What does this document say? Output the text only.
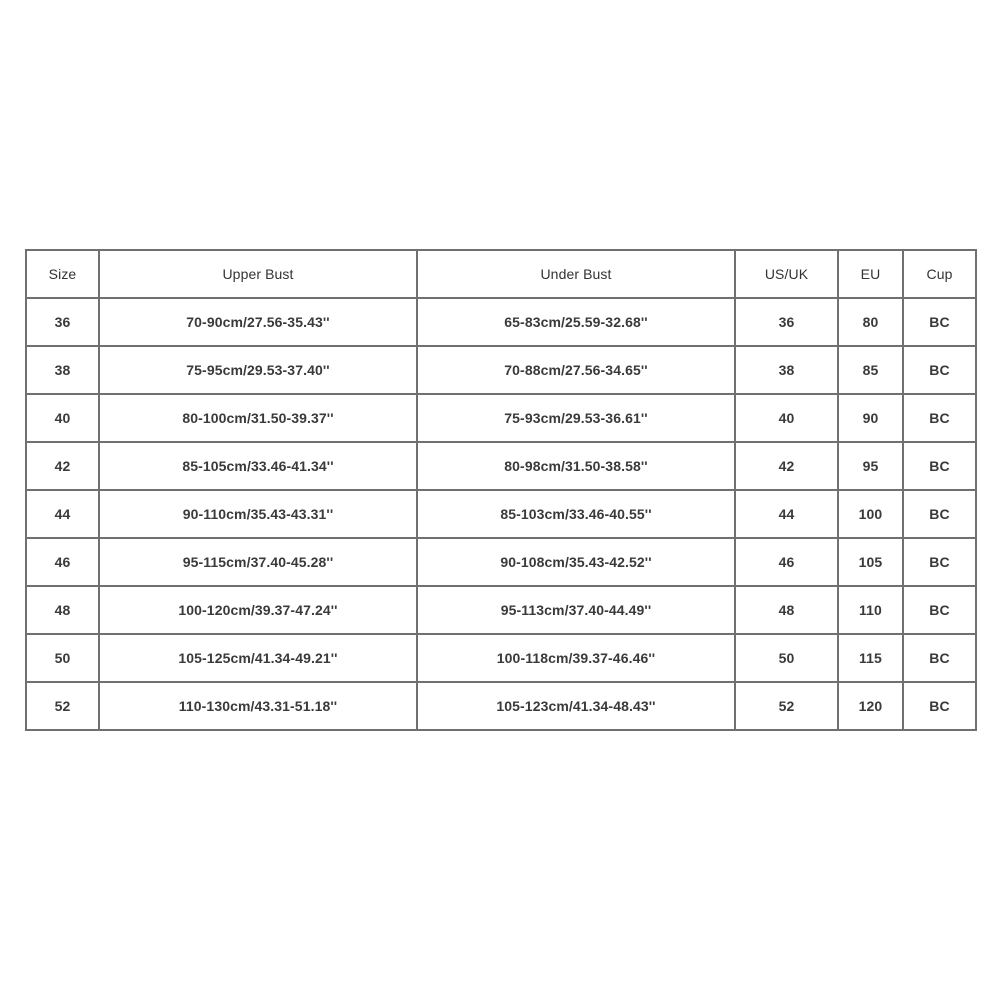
Size	Upper Bust	Under Bust	US/UK	EU	Cup
36	70-90cm/27.56-35.43''	65-83cm/25.59-32.68''	36	80	BC
38	75-95cm/29.53-37.40''	70-88cm/27.56-34.65''	38	85	BC
40	80-100cm/31.50-39.37''	75-93cm/29.53-36.61''	40	90	BC
42	85-105cm/33.46-41.34''	80-98cm/31.50-38.58''	42	95	BC
44	90-110cm/35.43-43.31''	85-103cm/33.46-40.55''	44	100	BC
46	95-115cm/37.40-45.28''	90-108cm/35.43-42.52''	46	105	BC
48	100-120cm/39.37-47.24''	95-113cm/37.40-44.49''	48	110	BC
50	105-125cm/41.34-49.21''	100-118cm/39.37-46.46''	50	115	BC
52	110-130cm/43.31-51.18''	105-123cm/41.34-48.43''	52	120	BC
